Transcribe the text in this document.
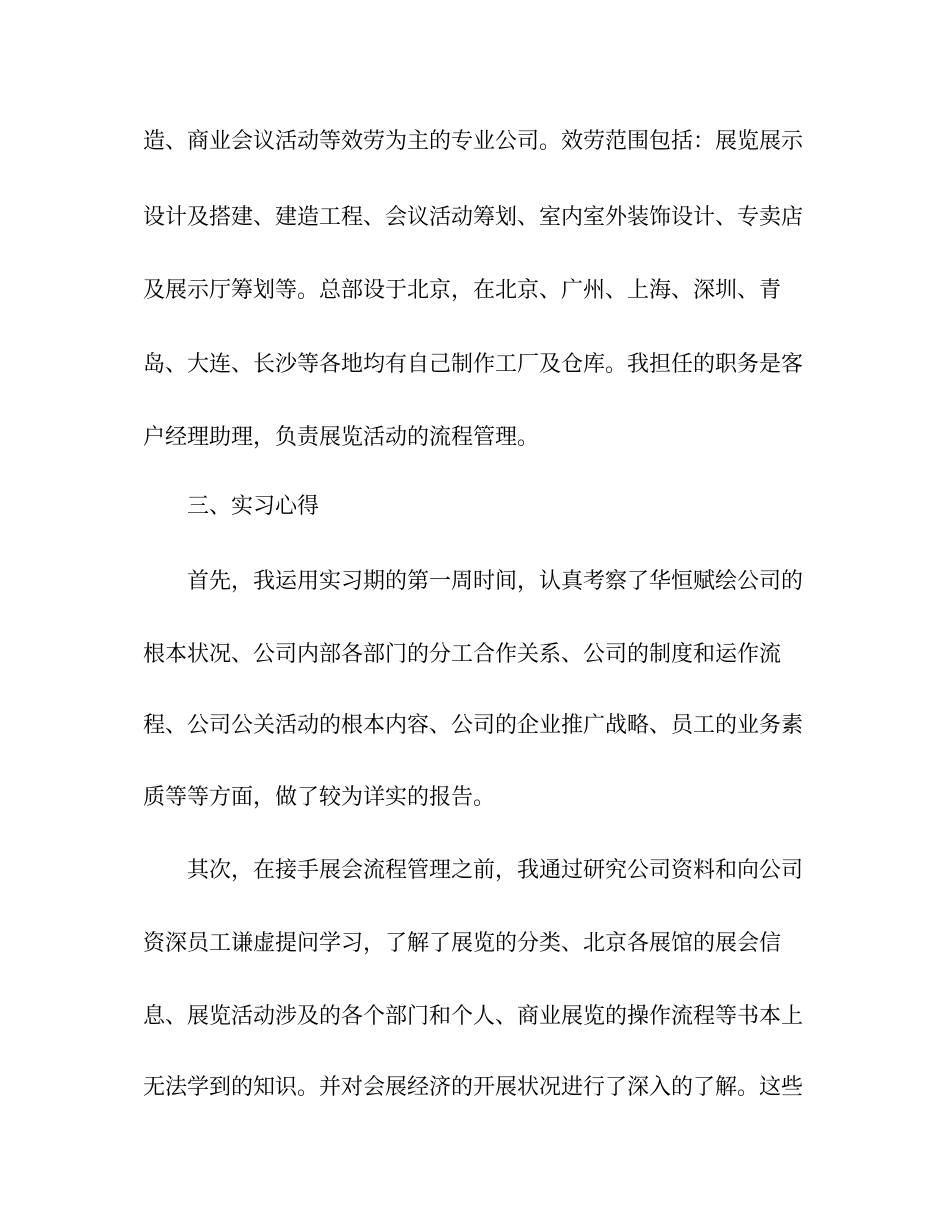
造、商业会议活动等效劳为主的专业公司。效劳范围包括：展览展示
设计及搭建、建造工程、会议活动筹划、室内室外装饰设计、专卖店
及展示厅筹划等。总部设于北京，在北京、广州、上海、深圳、青
岛、大连、长沙等各地均有自己制作工厂及仓库。我担任的职务是客
户经理助理，负责展览活动的流程管理。
三、实习心得
首先，我运用实习期的第一周时间，认真考察了华恒赋绘公司的
根本状况、公司内部各部门的分工合作关系、公司的制度和运作流
程、公司公关活动的根本内容、公司的企业推广战略、员工的业务素
质等等方面，做了较为详实的报告。
其次，在接手展会流程管理之前，我通过研究公司资料和向公司
资深员工谦虚提问学习，了解了展览的分类、北京各展馆的展会信
息、展览活动涉及的各个部门和个人、商业展览的操作流程等书本上
无法学到的知识。并对会展经济的开展状况进行了深入的了解。这些
